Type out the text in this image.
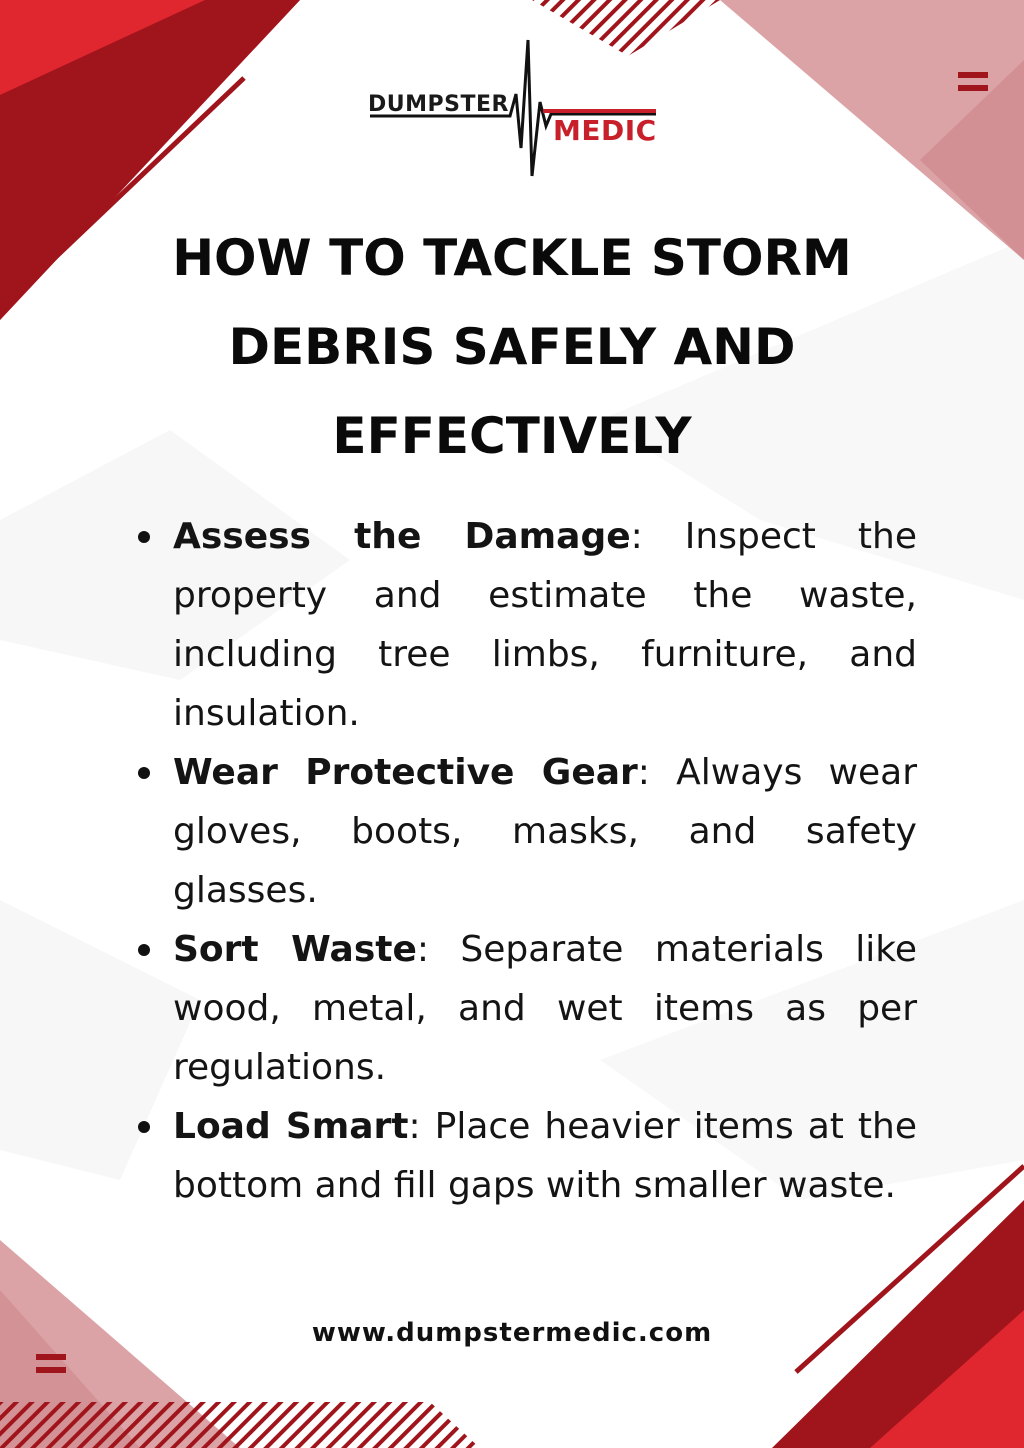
DUMPSTER
MEDIC
HOW TO TACKLE STORM DEBRIS SAFELY AND EFFECTIVELY
Assess the Damage: Inspect the property and estimate the waste, including tree limbs, furniture, and insulation.
Wear Protective Gear: Always wear gloves, boots, masks, and safety glasses.
Sort Waste: Separate materials like wood, metal, and wet items as per regulations.
Load Smart: Place heavier items at the bottom and fill gaps with smaller waste.
www.dumpstermedic.com
